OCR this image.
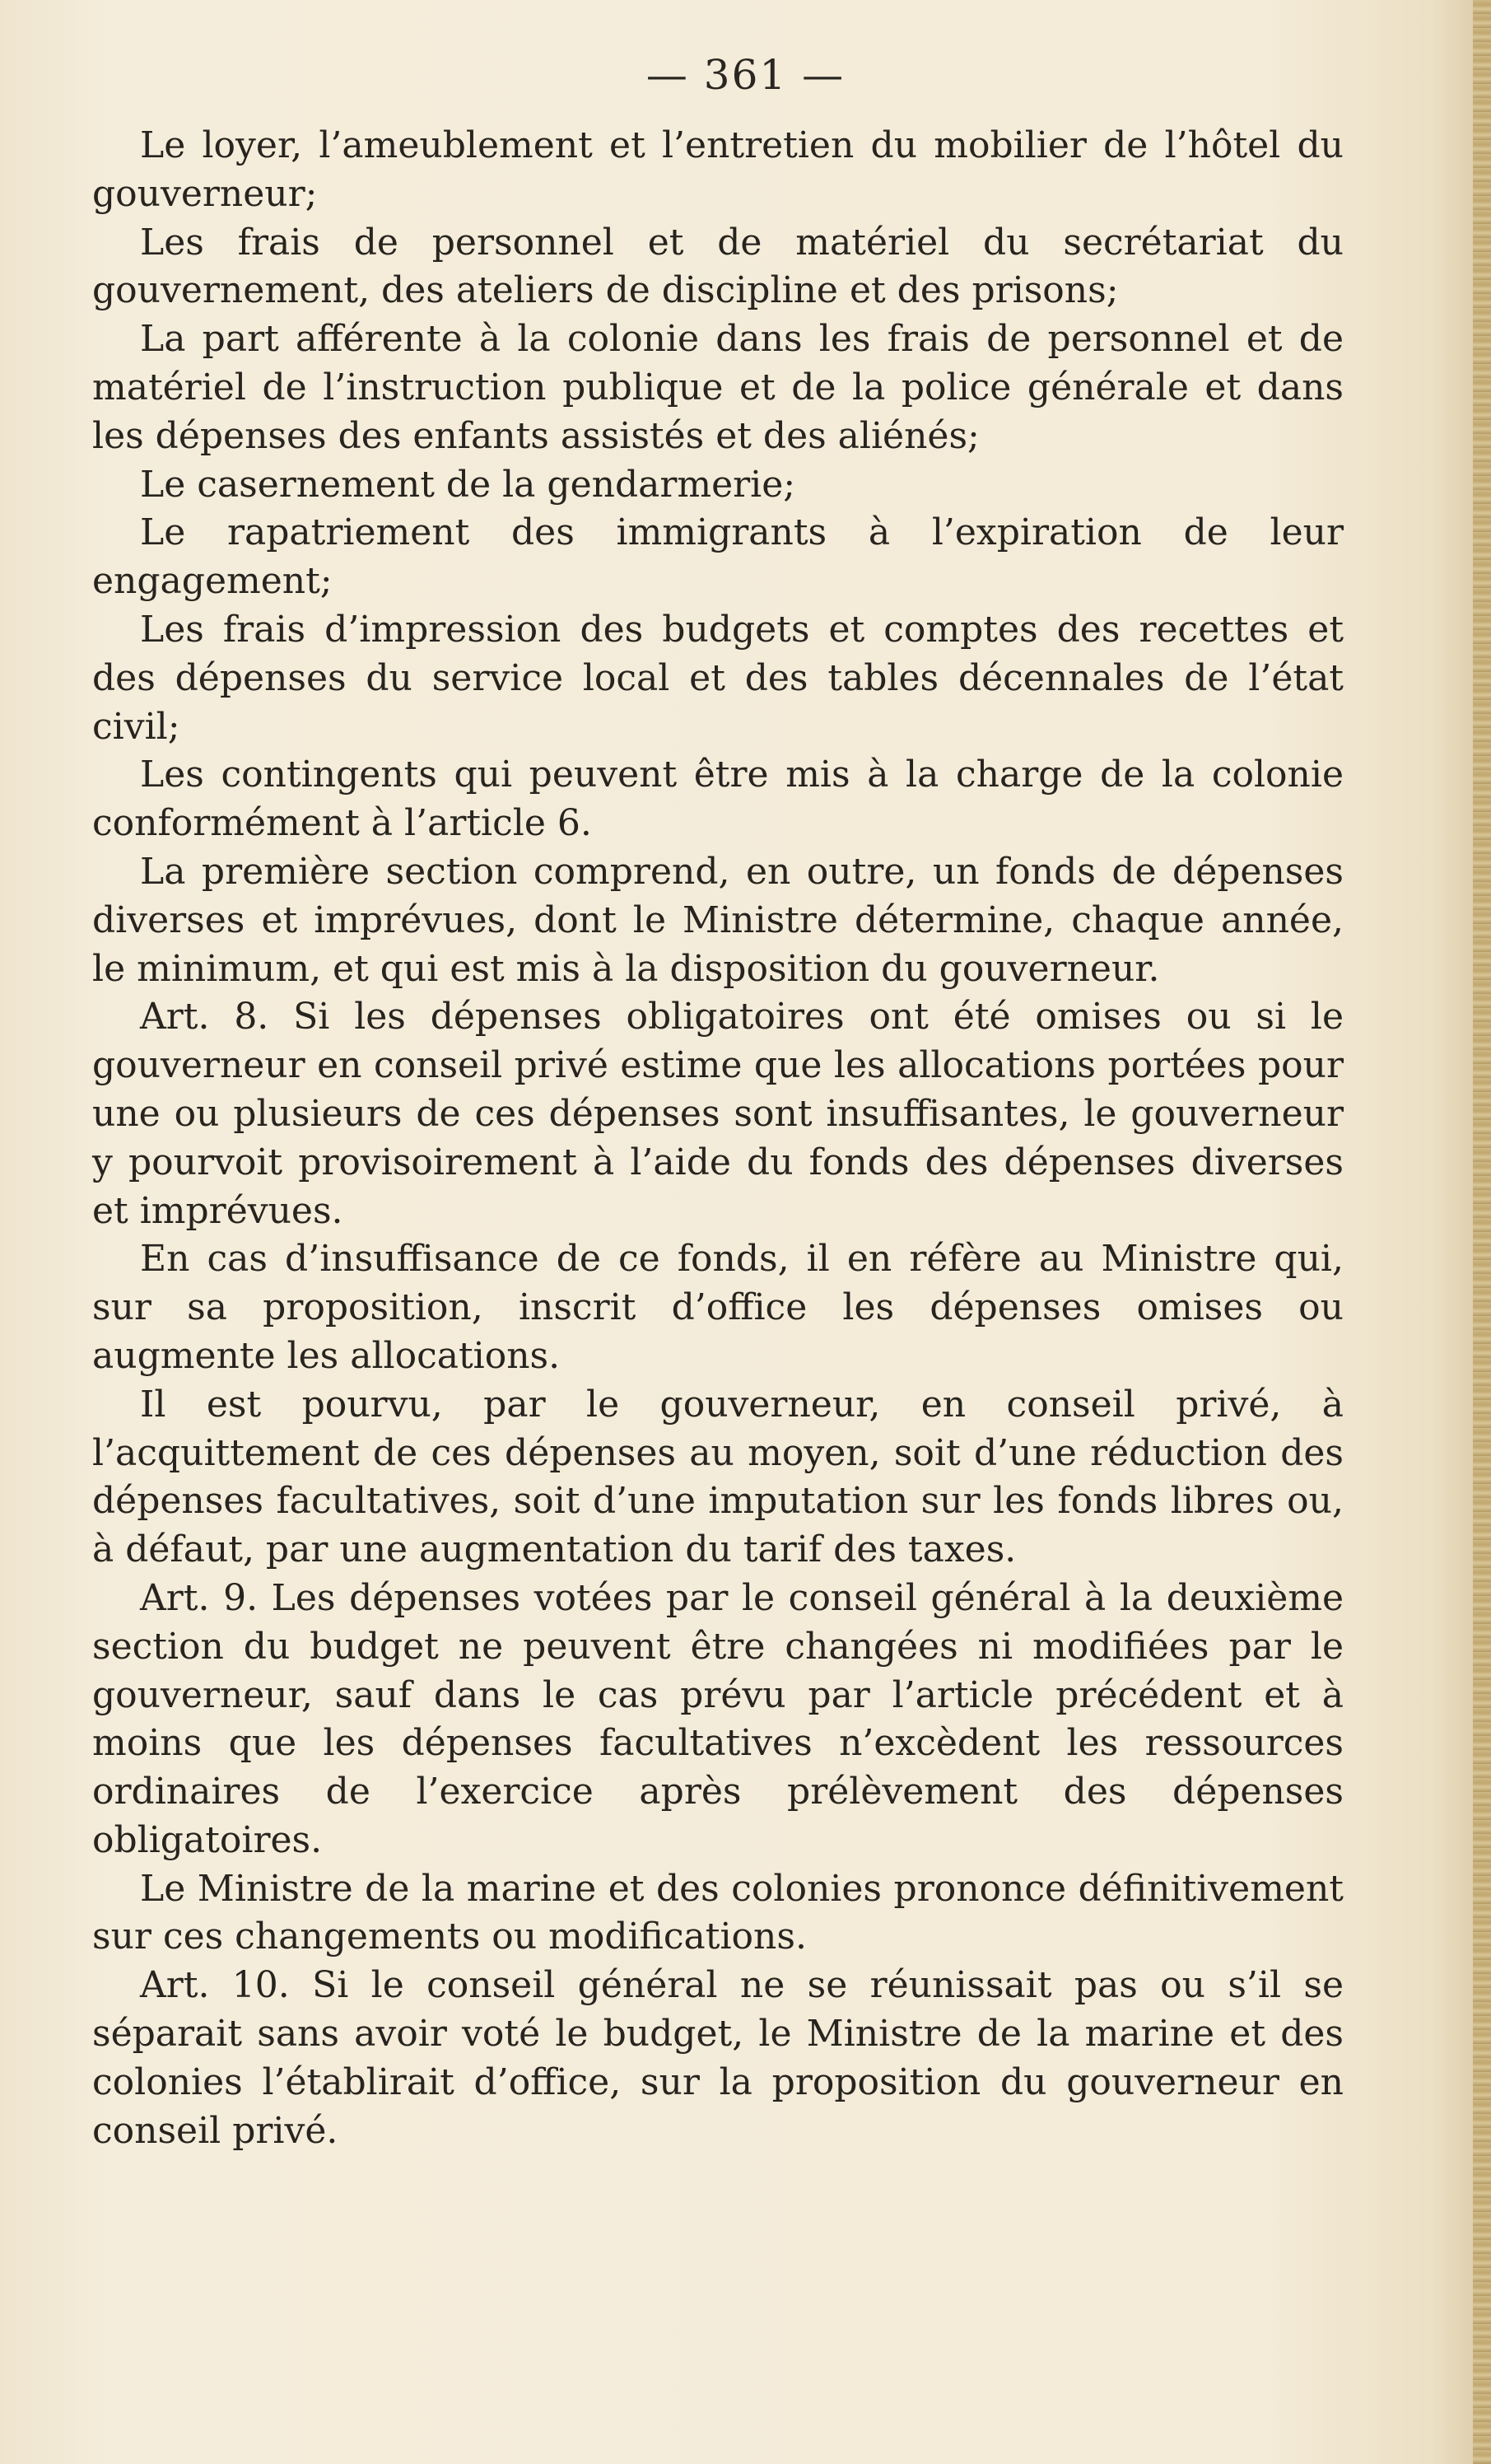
— 361 —

Le loyer, l’ameublement et l’entretien du mobilier de l’hôtel du gouverneur;

Les frais de personnel et de matériel du secrétariat du gouvernement, des ateliers de discipline et des prisons;

La part afférente à la colonie dans les frais de personnel et de matériel de l’instruction publique et de la police générale et dans les dépenses des enfants assistés et des aliénés;

Le casernement de la gendarmerie;

Le rapatriement des immigrants à l’expiration de leur engagement;

Les frais d’impression des budgets et comptes des recettes et des dépenses du service local et des tables décennales de l’état civil;

Les contingents qui peuvent être mis à la charge de la colonie conformément à l’article 6.

La première section comprend, en outre, un fonds de dépenses diverses et imprévues, dont le Ministre détermine, chaque année, le minimum, et qui est mis à la disposition du gouverneur.

Art. 8. Si les dépenses obligatoires ont été omises ou si le gouverneur en conseil privé estime que les allocations portées pour une ou plusieurs de ces dépenses sont insuffisantes, le gouverneur y pourvoit provisoirement à l’aide du fonds des dépenses diverses et imprévues.

En cas d’insuffisance de ce fonds, il en réfère au Ministre qui, sur sa proposition, inscrit d’office les dépenses omises ou augmente les allocations.

Il est pourvu, par le gouverneur, en conseil privé, à l’acquittement de ces dépenses au moyen, soit d’une réduction des dépenses facultatives, soit d’une imputation sur les fonds libres ou, à défaut, par une augmentation du tarif des taxes.

Art. 9. Les dépenses votées par le conseil général à la deuxième section du budget ne peuvent être changées ni modifiées par le gouverneur, sauf dans le cas prévu par l’article précédent et à moins que les dépenses facultatives n’excèdent les ressources ordinaires de l’exercice après prélèvement des dépenses obligatoires.

Le Ministre de la marine et des colonies prononce définitivement sur ces changements ou modifications.

Art. 10. Si le conseil général ne se réunissait pas ou s’il se séparait sans avoir voté le budget, le Ministre de la marine et des colonies l’établirait d’office, sur la proposition du gouverneur en conseil privé.
